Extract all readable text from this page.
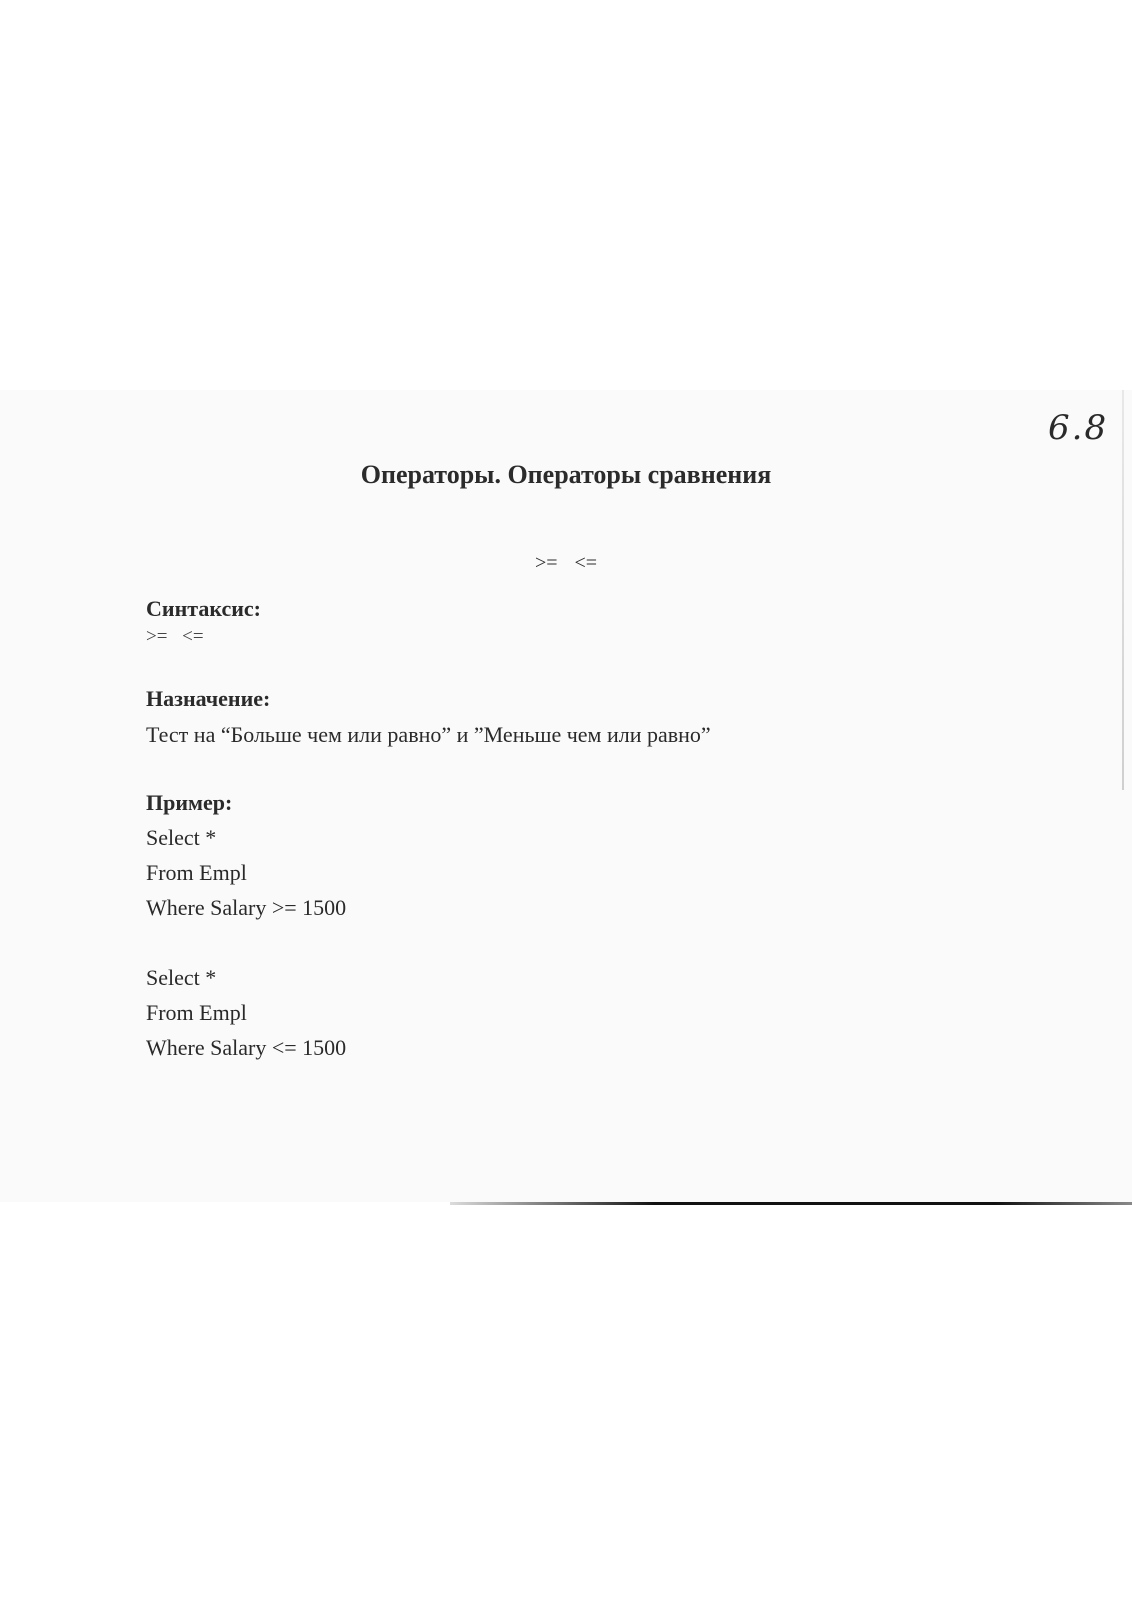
6.8
Операторы. Операторы сравнения
>= <=
Синтаксис:
>= <=
Назначение:
Тест на “Больше чем или равно” и ”Меньше чем или равно”
Пример:
Select *
From Empl
Where Salary >= 1500
Select *
From Empl
Where Salary <= 1500
